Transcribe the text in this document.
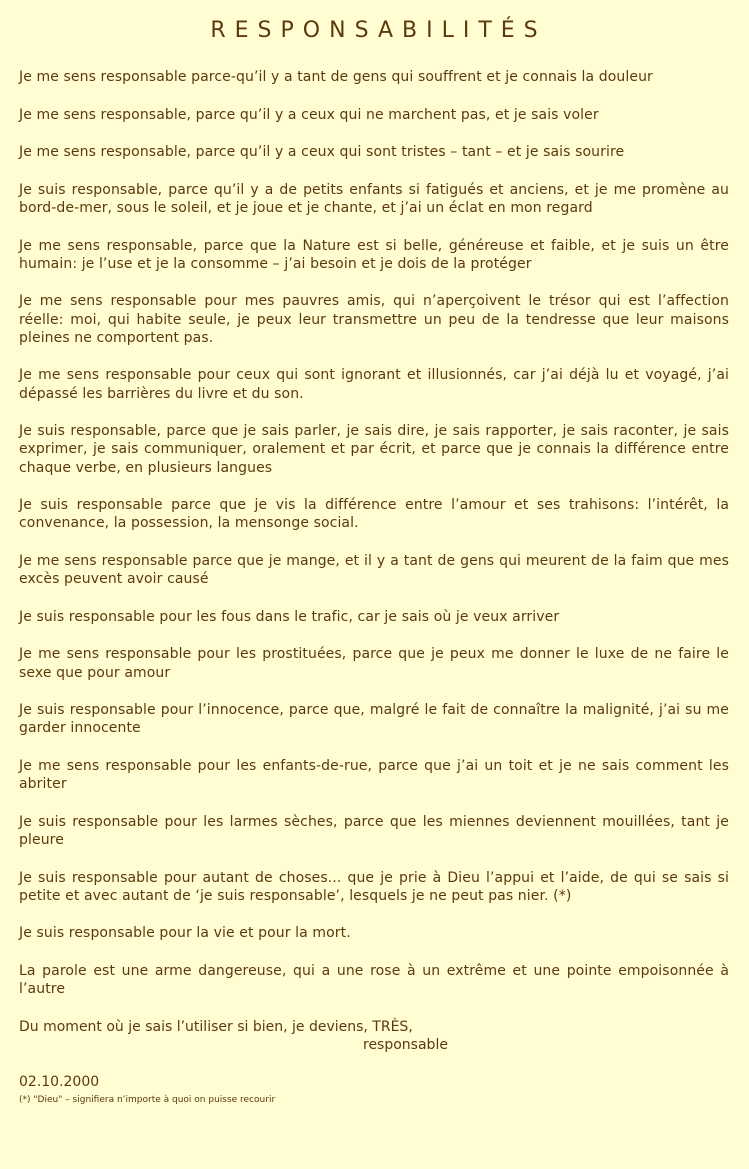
RESPONSABILITÉS

Je me sens responsable parce-qu’il y a tant de gens qui souffrent et je connais la douleur

Je me sens responsable, parce qu’il y a ceux qui ne marchent pas, et je sais voler

Je me sens responsable, parce qu’il y a ceux qui sont tristes – tant – et je sais sourire

Je suis responsable, parce qu’il y a de petits enfants si fatigués et anciens, et je me promène au bord-de-mer, sous le soleil, et je joue et je chante, et j’ai un éclat en mon regard

Je me sens responsable, parce que la Nature est si belle, généreuse et faible, et je suis un être humain: je l’use et je la consomme – j’ai besoin et je dois de la protéger

Je me sens responsable pour mes pauvres amis, qui n’aperçoivent le trésor qui est l’affection réelle: moi, qui habite seule, je peux leur transmettre un peu de la tendresse que leur maisons pleines ne comportent pas.

Je me sens responsable pour ceux qui sont ignorant et illusionnés, car j’ai déjà lu et voyagé, j’ai dépassé les barrières du livre et du son.

Je suis responsable, parce que je sais parler, je sais dire, je sais rapporter, je sais raconter, je sais exprimer, je sais communiquer, oralement et par écrit, et parce que je connais la différence entre chaque verbe, en plusieurs langues

Je suis responsable parce que je vis la différence entre l’amour et ses trahisons: l’intérêt, la convenance, la possession, la mensonge social.

Je me sens responsable parce que je mange, et il y a tant de gens qui meurent de la faim que mes excès peuvent avoir causé

Je suis responsable pour les fous dans le trafic, car je sais où je veux arriver

Je me sens responsable pour les prostituées, parce que je peux me donner le luxe de ne faire le sexe que pour amour

Je suis responsable pour l’innocence, parce que, malgré le fait de connaître la malignité, j’ai su me garder innocente

Je me sens responsable pour les enfants-de-rue, parce que j’ai un toit et je ne sais comment les abriter

Je suis responsable pour les larmes sèches, parce que les miennes deviennent mouillées, tant je pleure

Je suis responsable pour autant de choses... que je prie à Dieu l’appui et l’aide, de qui se sais si petite et avec autant de ‘je suis responsable’, lesquels je ne peut pas nier. (*)

Je suis responsable pour la vie et pour la mort.

La parole est une arme dangereuse, qui a une rose à un extrême et une pointe empoisonnée à l’autre

Du moment où je sais l’utiliser si bien, je deviens, TRÈS,

responsable

02.10.2000

(*) "Dieu" – signifiera n’importe à quoi on puisse recourir
